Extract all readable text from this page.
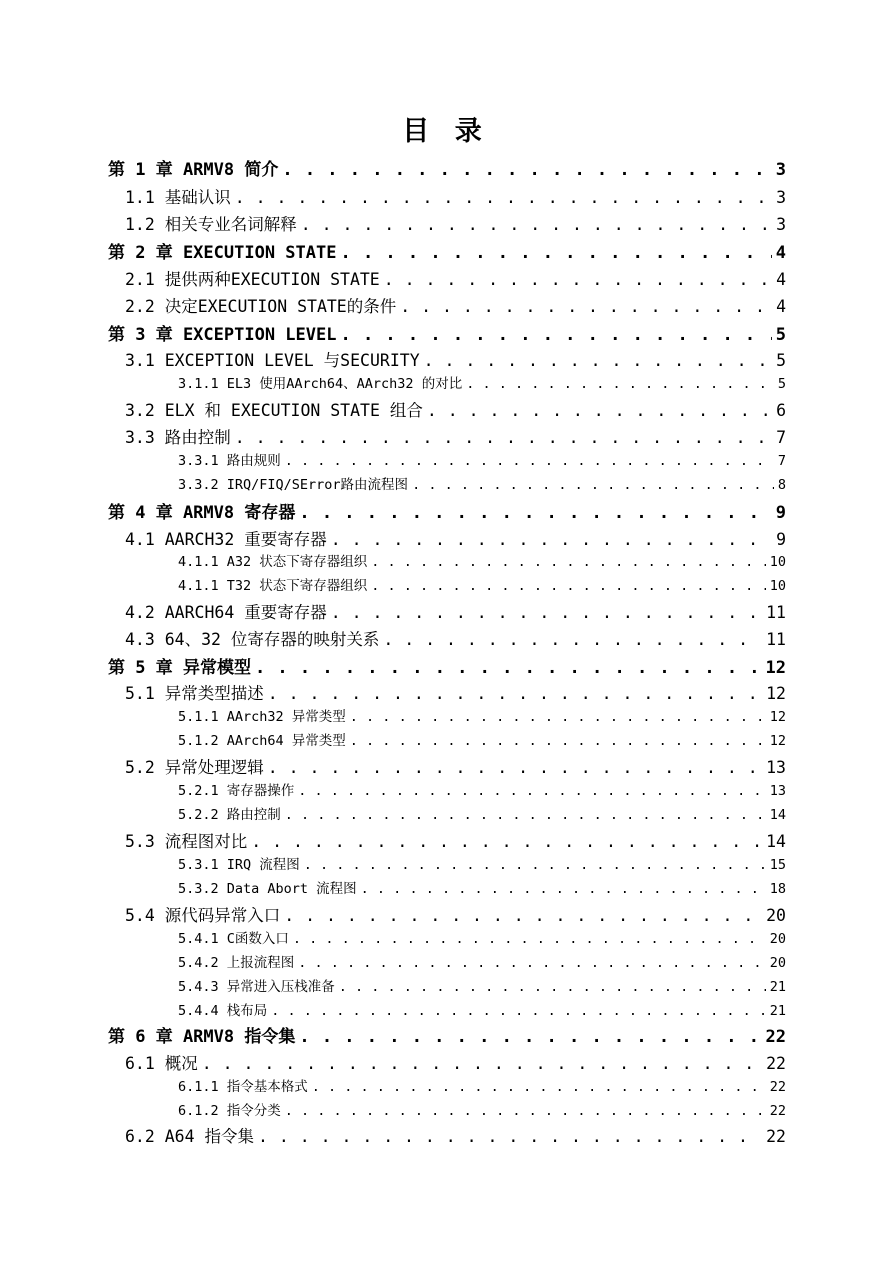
目 录
第 1 章 ARMV8 简介 . . .	3
1.1 基础认识 . . .	3
1.2 相关专业名词解释 . . .	3
第 2 章 EXECUTION STATE . . .	4
2.1 提供两种EXECUTION STATE . . .	4
2.2 决定EXECUTION STATE的条件 . . .	4
第 3 章 EXCEPTION LEVEL . . .	5
3.1 EXCEPTION LEVEL 与SECURITY . . .	5
3.1.1 EL3 使用AArch64、AArch32 的对比 . . .	5
3.2 ELX 和 EXECUTION STATE 组合 . . .	6
3.3 路由控制 . . .	7
3.3.1 路由规则 . . .	7
3.3.2 IRQ/FIQ/SError路由流程图 . . .	8
第 4 章 ARMV8 寄存器 . . .	9
4.1 AARCH32 重要寄存器 . . .	9
4.1.1 A32 状态下寄存器组织 . . .	10
4.1.1 T32 状态下寄存器组织 . . .	10
4.2 AARCH64 重要寄存器 . . .	11
4.3 64、32 位寄存器的映射关系 . . .	11
第 5 章 异常模型 . . .	12
5.1 异常类型描述 . . .	12
5.1.1 AArch32 异常类型 . . .	12
5.1.2 AArch64 异常类型 . . .	12
5.2 异常处理逻辑 . . .	13
5.2.1 寄存器操作 . . .	13
5.2.2 路由控制 . . .	14
5.3 流程图对比 . . .	14
5.3.1 IRQ 流程图 . . .	15
5.3.2 Data Abort 流程图 . . .	18
5.4 源代码异常入口 . . .	20
5.4.1 C函数入口 . . .	20
5.4.2 上报流程图 . . .	20
5.4.3 异常进入压栈准备 . . .	21
5.4.4 栈布局 . . .	21
第 6 章 ARMV8 指令集 . . .	22
6.1 概况 . . .	22
6.1.1 指令基本格式 . . .	22
6.1.2 指令分类 . . .	22
6.2 A64 指令集 . . .	22
